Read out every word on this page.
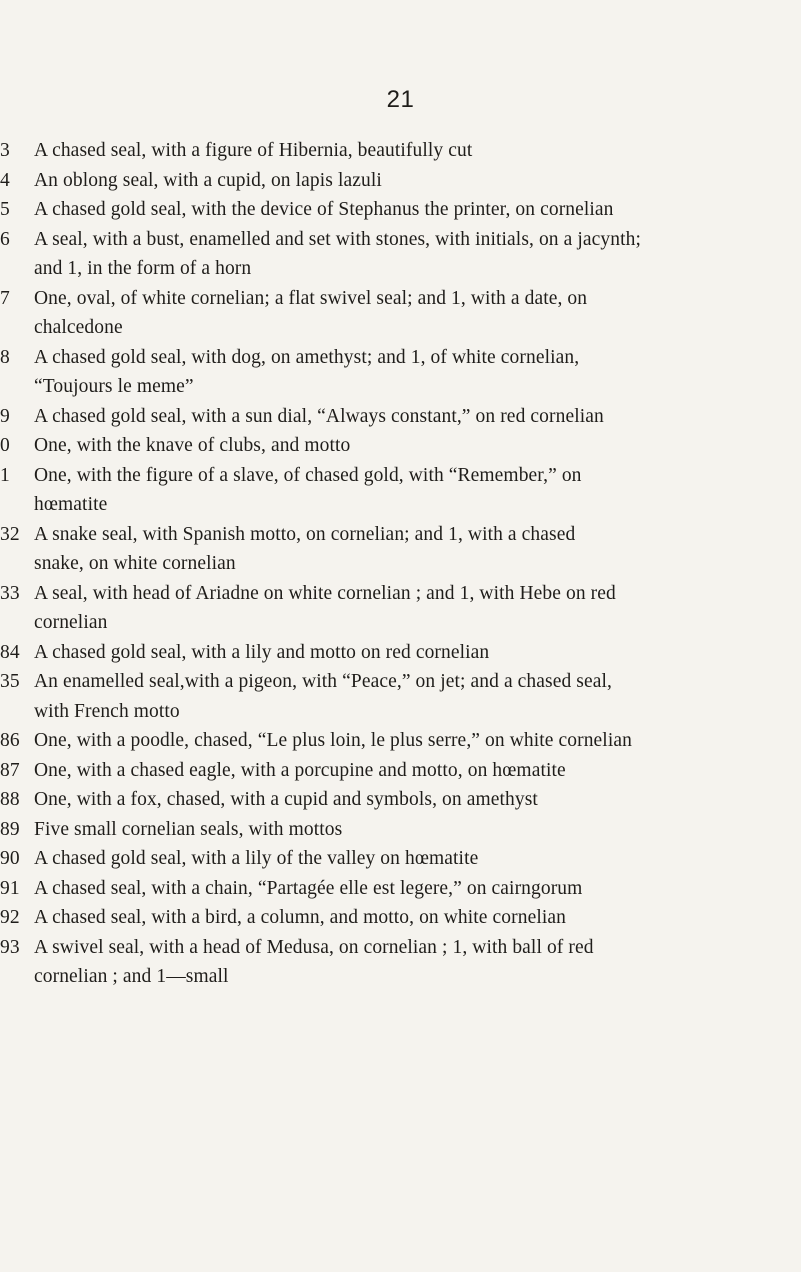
21
3	A chased seal, with a figure of Hibernia, beautifully cut
4	An oblong seal, with a cupid, on lapis lazuli
5	A chased gold seal, with the device of Stephanus the printer, on cornelian
6	A seal, with a bust, enamelled and set with stones, with initials, on a jacynth;
and 1, in the form of a horn
7	One, oval, of white cornelian; a flat swivel seal; and 1, with a date, on
chalcedone
8	A chased gold seal, with dog, on amethyst; and 1, of white cornelian,
“Toujours le meme”
9	A chased gold seal, with a sun dial, “Always constant,” on red cornelian
0	One, with the knave of clubs, and motto
1	One, with the figure of a slave, of chased gold, with “Remember,” on
hœmatite
32 A snake seal, with Spanish motto, on cornelian; and 1, with a chased
snake, on white cornelian
33 A seal, with head of Ariadne on white cornelian ; and 1, with Hebe on red
cornelian
84 A chased gold seal, with a lily and motto on red cornelian
35 An enamelled seal,with a pigeon, with “Peace,” on jet; and a chased seal,
with French motto
86 One, with a poodle, chased, “Le plus loin, le plus serre,” on white cornelian
87 One, with a chased eagle, with a porcupine and motto, on hœmatite
88 One, with a fox, chased, with a cupid and symbols, on amethyst
89 Five small cornelian seals, with mottos
90 A chased gold seal, with a lily of the valley on hœmatite
91 A chased seal, with a chain, “Partagée elle est legere,” on cairngorum
92 A chased seal, with a bird, a column, and motto, on white cornelian
93 A swivel seal, with a head of Medusa, on cornelian ; 1, with ball of red
cornelian ; and 1—small
